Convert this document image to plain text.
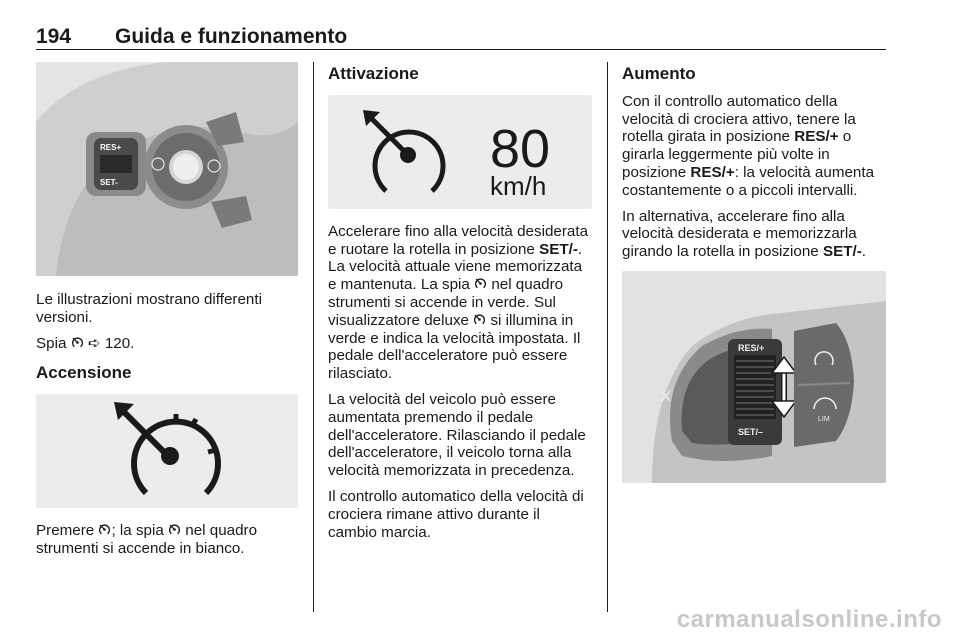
194 Guida e funzionamento
RES+
SET-

Le illustrazioni mostrano differenti versioni.

Spia ➪ 120.

Accensione

Premere ; la spia  nel quadro strumenti si accende in bianco.

Attivazione
80
km/h

Accelerare fino alla velocità desiderata e ruotare la rotella in posizione SET/-. La velocità attuale viene memorizzata e mantenuta. La spia  nel quadro strumenti si accende in verde. Sul visualizzatore deluxe  si illumina in verde e indica la velocità impostata. Il pedale dell'acceleratore può essere rilasciato.

La velocità del veicolo può essere aumentata premendo il pedale dell'acceleratore. Rilasciando il pedale dell'acceleratore, il veicolo torna alla velocità memorizzata in precedenza.

Il controllo automatico della velocità di crociera rimane attivo durante il cambio marcia.

Aumento

Con il controllo automatico della velocità di crociera attivo, tenere la rotella girata in posizione RES/+ o girarla leggermente più volte in posizione RES/+: la velocità aumenta costantemente o a piccoli intervalli.

In alternativa, accelerare fino alla velocità desiderata e memorizzarla girando la rotella in posizione SET/-.

RES/+
SET/–
LIM
carmanualsonline.info
